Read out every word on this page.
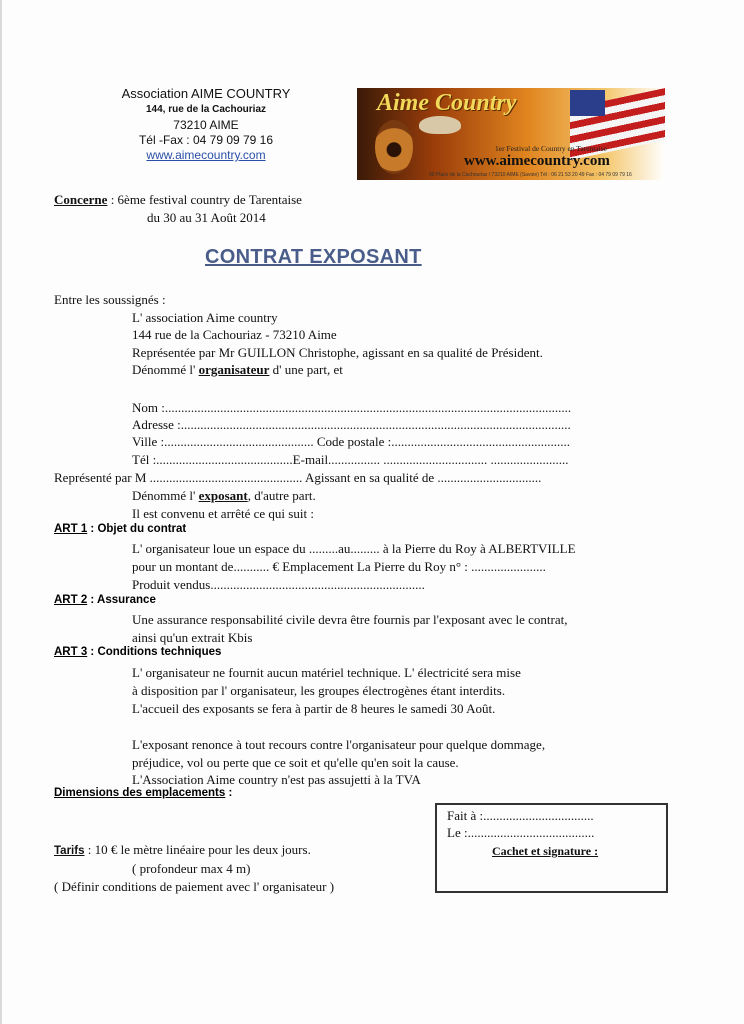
Association AIME COUNTRY
144, rue de la Cachouriaz
73210 AIME
Tél -Fax : 04 79 09 79 16
www.aimecountry.com
Aime Country
1er Festival de Country en Tarentaise
www.aimecountry.com
90 Place de la Cachouriaz / 73210 AIME (Savoie) Tél : 06 21 53 20 49 Fax : 04 79 09 79 16
Concerne : 6ème festival country de Tarentaise
du 30 au 31 Août 2014
CONTRAT EXPOSANT
Entre les soussignés :
L' association Aime country
144 rue de la Cachouriaz - 73210 Aime
Représentée par Mr GUILLON Christophe, agissant en sa qualité de Président.
Dénommé l' organisateur d' une part, et
Nom :.............................................................................................................................
Adresse :........................................................................................................................
Ville :.............................................. Code postale :.......................................................
Tél :..........................................E-mail................ ................................ ........................
Représenté par M ............................................... Agissant en sa qualité de ................................
Dénommé l' exposant, d'autre part.
Il est convenu et arrêté ce qui suit :
ART 1 : Objet du contrat
L' organisateur loue un espace du .........au......... à la Pierre du Roy à ALBERTVILLE
pour un montant de........... € Emplacement La Pierre du Roy n° : .......................
Produit vendus..................................................................
ART 2 : Assurance
Une assurance responsabilité civile devra être fournis par l'exposant avec le contrat,
ainsi qu'un extrait Kbis
ART 3 : Conditions techniques
L' organisateur ne fournit aucun matériel technique. L' électricité sera mise
à disposition par l' organisateur, les groupes électrogènes étant interdits.
L'accueil des exposants se fera à partir de 8 heures le samedi 30 Août.
L'exposant renonce à tout recours contre l'organisateur pour quelque dommage,
préjudice, vol ou perte que ce soit et qu'elle qu'en soit la cause.
L'Association Aime country n'est pas assujetti à la TVA
Dimensions des emplacements :
Tarifs : 10 € le mètre linéaire pour les deux jours.
( profondeur max 4 m)
( Définir conditions de paiement avec l' organisateur )
Fait à :..................................
Le :.......................................
Cachet et signature :
